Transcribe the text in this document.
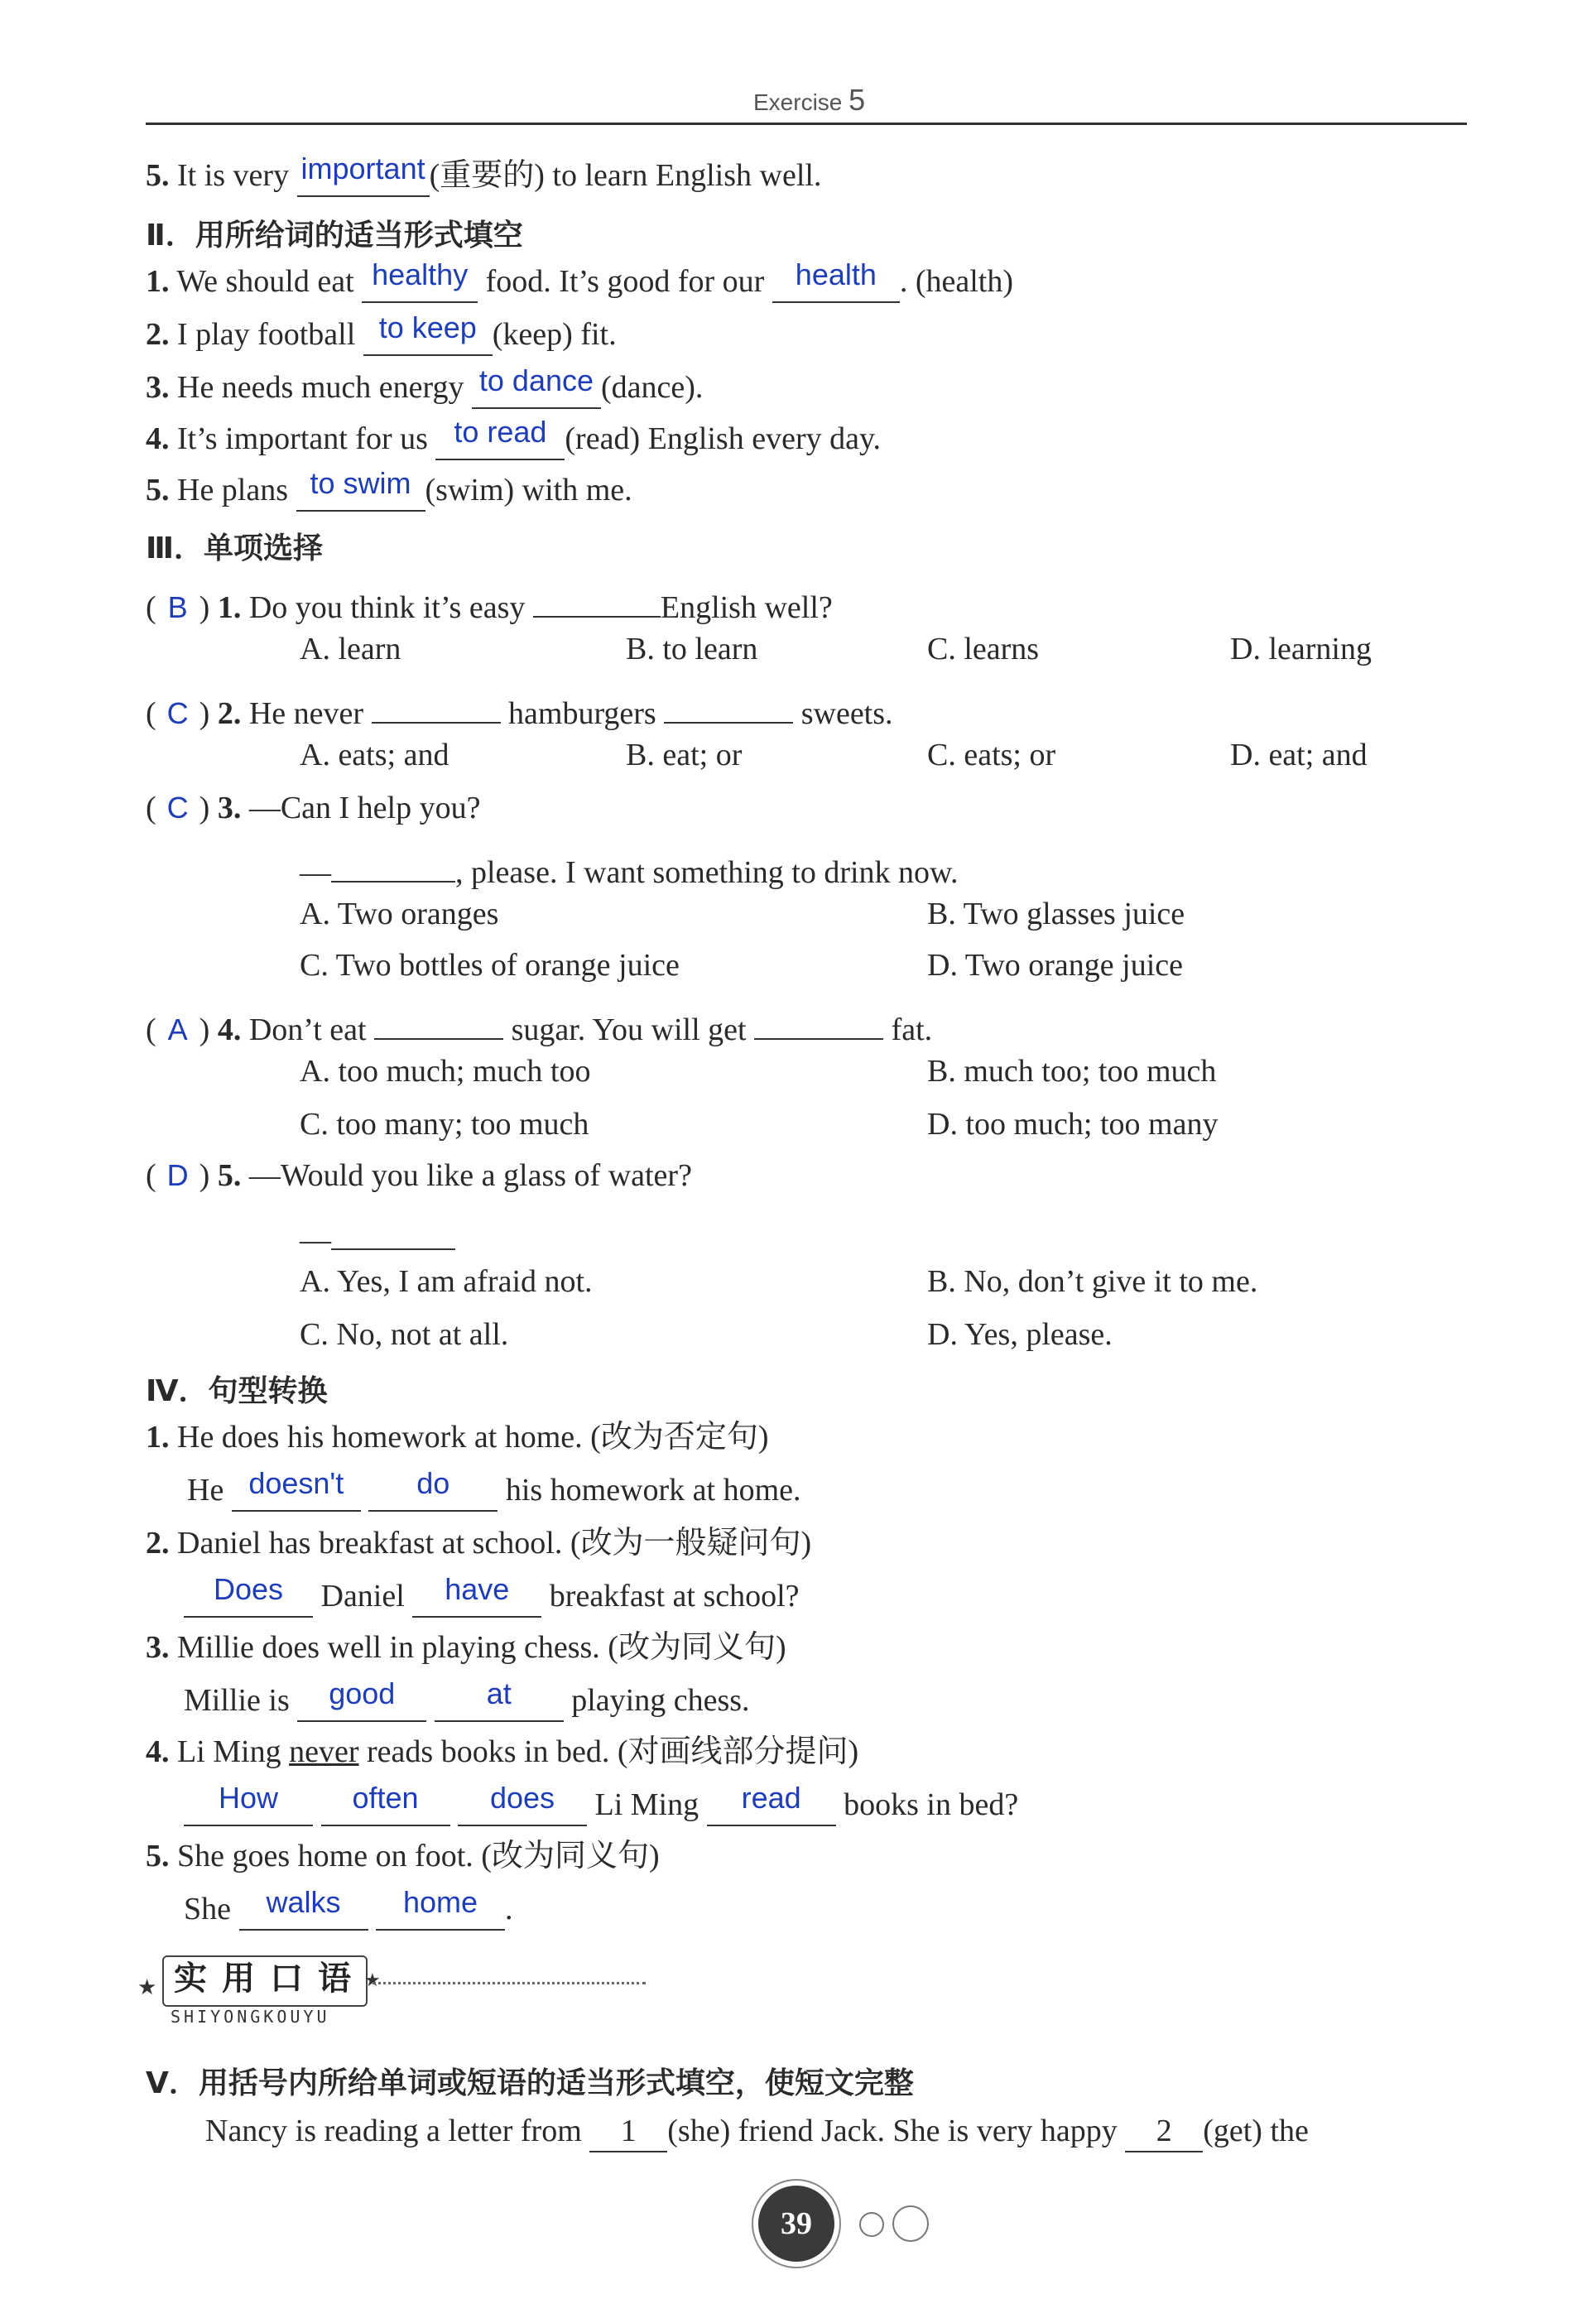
Exercise 5
5. It is very important (重要的) to learn English well.
Ⅱ．用所给词的适当形式填空
1. We should eat healthy food. It’s good for our health . (health)
2. I play football to keep (keep) fit.
3. He needs much energy to dance (dance).
4. It’s important for us to read (read) English every day.
5. He plans to swim (swim) with me.
Ⅲ．单项选择
( B ) 1. Do you think it’s easy	English well?
A. learn	B. to learn	C. learns	D. learning
( C ) 2. He never	hamburgers	sweets.
A. eats; and	B. eat; or	C. eats; or	D. eat; and
( C ) 3. —Can I help you?
—	, please. I want something to drink now.
A. Two oranges	B. Two glasses juice
C. Two bottles of orange juice	D. Two orange juice
( A ) 4. Don’t eat	sugar. You will get	fat.
A. too much; much too	B. much too; too much
C. too many; too much	D. too much; too many
( D ) 5. —Would you like a glass of water?
—
A. Yes, I am afraid not.	B. No, don’t give it to me.
C. No, not at all.	D. Yes, please.
Ⅳ．句型转换
1. He does his homework at home. (改为否定句)
He doesn't do his homework at home.
2. Daniel has breakfast at school. (改为一般疑问句)
Does Daniel have breakfast at school?
3. Millie does well in playing chess. (改为同义句)
Millie is good	at playing chess.
4. Li Ming never reads books in bed. (对画线部分提问)
How often does Li Ming read books in bed?
5. She goes home on foot. (改为同义句)
She walks home .
★ 实 用 口 语 ★
SHIYONGKOUYU
Ⅴ．用括号内所给单词或短语的适当形式填空，使短文完整
Nancy is reading a letter from 1 (she) friend Jack. She is very happy 2 (get) the
39
